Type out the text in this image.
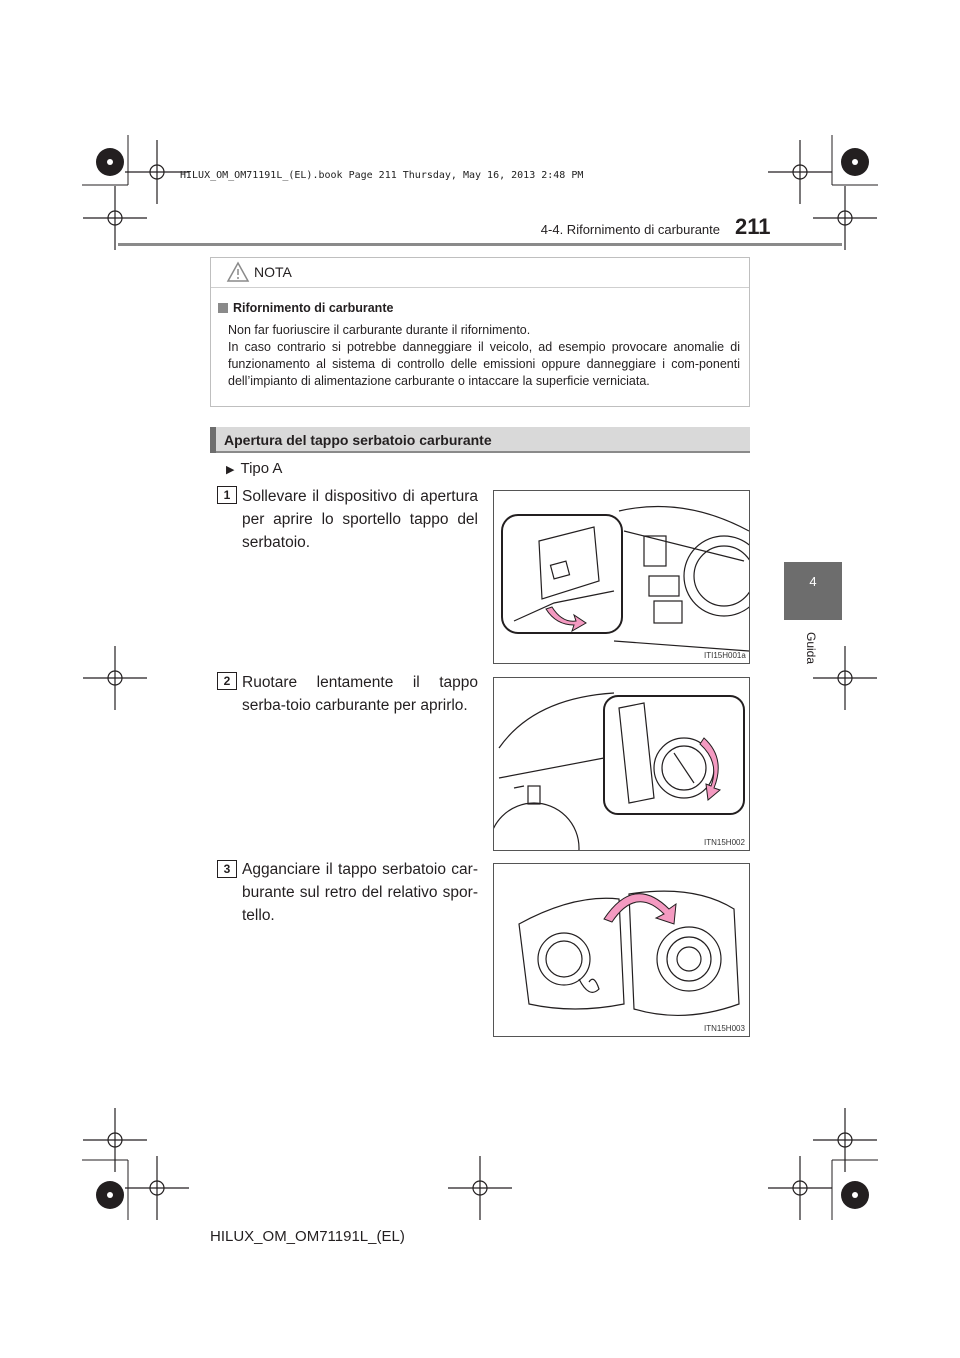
HILUX_OM_OM71191L_(EL).book Page 211 Thursday, May 16, 2013 2:48 PM
211
4-4. Rifornimento di carburante
4
Guida
NOTA
Rifornimento di carburante

Non far fuoriuscire il carburante durante il rifornimento.

In caso contrario si potrebbe danneggiare il veicolo, ad esempio provocare anomalie di funzionamento al sistema di controllo delle emissioni oppure danneggiare i com-ponenti dell’impianto di alimentazione carburante o intaccare la superficie verniciata.

Apertura del tappo serbatoio carburante
▶ Tipo A
1 Sollevare il dispositivo di apertura per aprire lo sportello tappo del serbatoio.
ITI15H001a
2 Ruotare lentamente il tappo serba-toio carburante per aprirlo.
ITN15H002
3 Agganciare il tappo serbatoio car-burante sul retro del relativo spor-tello.
ITN15H003
HILUX_OM_OM71191L_(EL)
